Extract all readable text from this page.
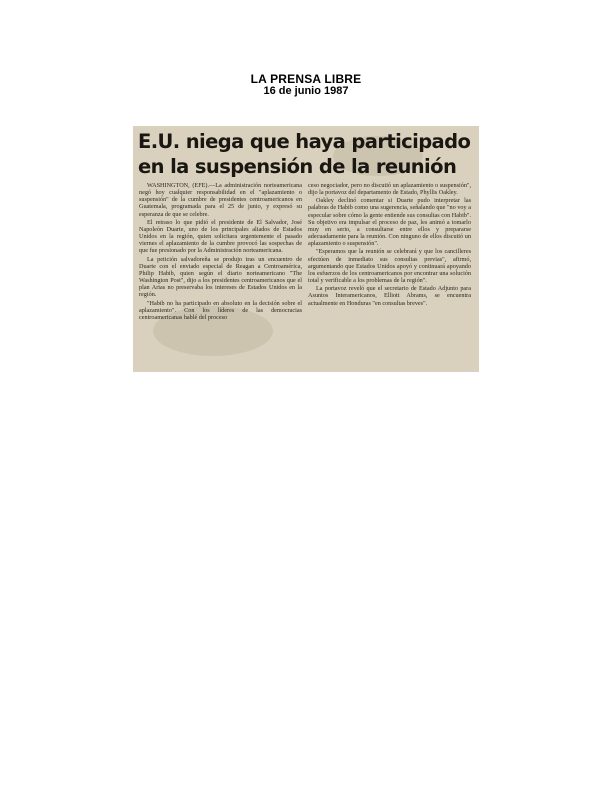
LA PRENSA LIBRE
16 de junio 1987
E.U. niega que haya participado
en la suspensión de la reunión

WASHINGTON, (EFE).—La administración norteamericana negó hoy cualquier responsabilidad en el "aplazamiento o suspensión" de la cumbre de presidentes centroamericanos en Guatemala, programada para el 25 de junio, y expresó su esperanza de que se celebre.

El retraso lo que pidió el presidente de El Salvador, José Napoleón Duarte, uno de los principales aliados de Estados Unidos en la región, quien solicitara urgentemente el pasado viernes el aplazamiento de la cumbre provocó las sospechas de que fue presionado por la Administración norteamericana.

La petición salvadoreña se produjo tras un encuentro de Duarte con el enviado especial de Reagan a Centroamérica, Philip Habib, quien según el diario norteamericano "The Washington Post", dijo a los presidentes centroamericanos que el plan Arias no preservaba los intereses de Estados Unidos en la región.

"Habib no ha participado en absoluto en la decisión sobre el aplazamiento". Con los líderes de las democracias centroamericanas hablé del proceso

ceso negociador, pero no discutió un aplazamiento o suspensión", dijo la portavoz del departamento de Estado, Phyllis Oakley.

Oakley declinó comentar si Duarte pudo interpretar las palabras de Habib como una sugerencia, señalando que "no voy a especular sobre cómo la gente entiende sus consultas con Habib". Su objetivo era impulsar el proceso de paz, les animó a tomarlo muy en serio, a consultarse entre ellos y prepararse adecuadamente para la reunión. Con ninguno de ellos discutió un aplazamiento o suspensión".

"Esperamos que la reunión se celebrará y que los cancilleres efectúen de inmediato sus consultas previas", afirmó, argumentando que Estados Unidos apoyó y continuará apoyando los esfuerzos de los centroamericanos por encontrar una solución total y verificable a los problemas de la región".

La portavoz reveló que el secretario de Estado Adjunto para Asuntos Interamericanos, Elliott Abrams, se encuentra actualmente en Honduras "en consultas breves".
